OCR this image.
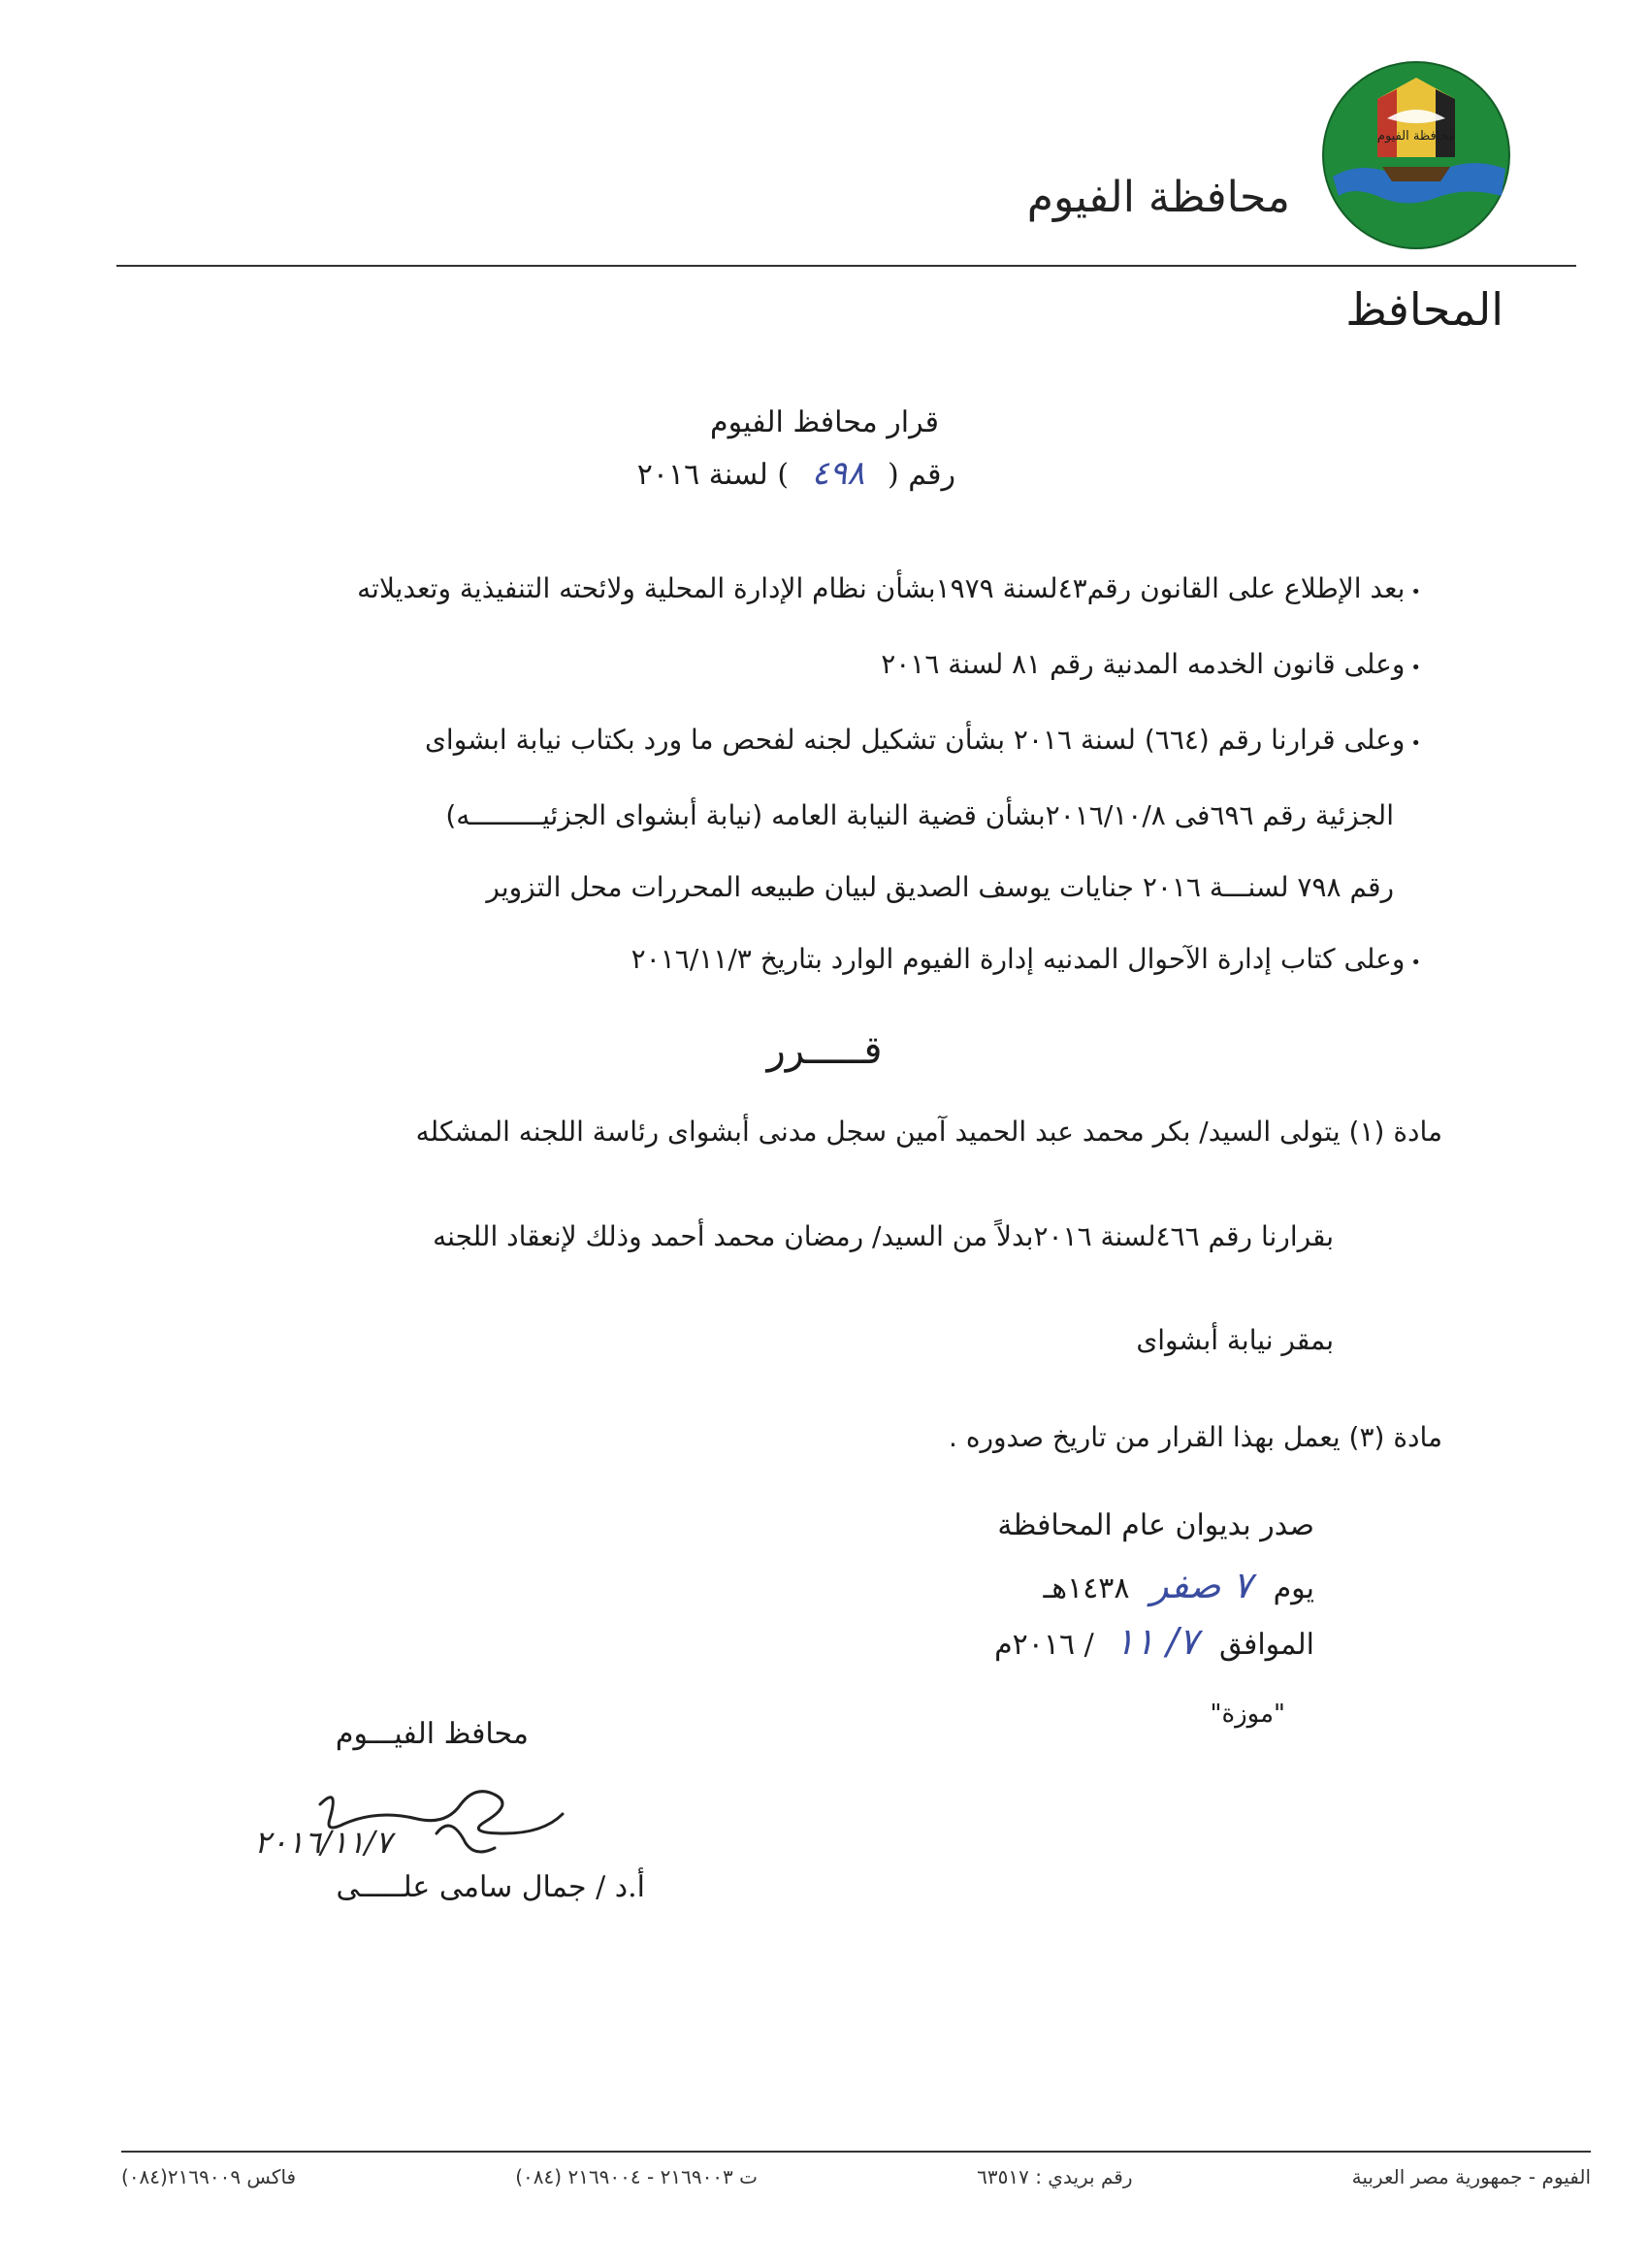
محافظة الفيوم
محافظة الفيوم
المحافظ
قرار محافظ الفيوم
رقم ( ٤٩٨ ) لسنة ٢٠١٦
•بعد الإطلاع على القانون رقم٤٣لسنة ١٩٧٩بشأن نظام الإدارة المحلية ولائحته التنفيذية وتعديلاته
•وعلى قانون الخدمه المدنية رقم ٨١ لسنة ٢٠١٦
•وعلى قرارنا رقم (٦٦٤) لسنة ٢٠١٦ بشأن تشكيل لجنه لفحص ما ورد بكتاب نيابة ابشواى
الجزئية رقم ٦٩٦فى ٢٠١٦/١٠/٨بشأن قضية النيابة العامه (نيابة أبشواى الجزئيـــــــــه)
رقم ٧٩٨ لسنـــة ٢٠١٦ جنايات يوسف الصديق لبيان طبيعه المحررات محل التزوير
•وعلى كتاب إدارة الآحوال المدنيه إدارة الفيوم الوارد بتاريخ ٢٠١٦/١١/٣
قـــــرر
مادة (١) يتولى السيد/ بكر محمد عبد الحميد آمين سجل مدنى أبشواى رئاسة اللجنه المشكله
بقرارنا رقم ٤٦٦لسنة ٢٠١٦بدلاً من السيد/ رمضان محمد أحمد وذلك لإنعقاد اللجنه
بمقر نيابة أبشواى
مادة (٣) يعمل بهذا القرار من تاريخ صدوره .
صدر بديوان عام المحافظة
يوم ٧ صفر ١٤٣٨هـ
الموافق ٧/ ١١ / ٢٠١٦م
"موزة"
محافظ الفيـــوم
٢٠١٦/١١/٧
أ.د / جمال سامى علـــــى
الفيوم - جمهورية مصر العربية
رقم بريدي : ٦٣٥١٧
ت ٢١٦٩٠٠٣ - ٢١٦٩٠٠٤ (٠٨٤)
فاكس ٢١٦٩٠٠٩(٠٨٤)
